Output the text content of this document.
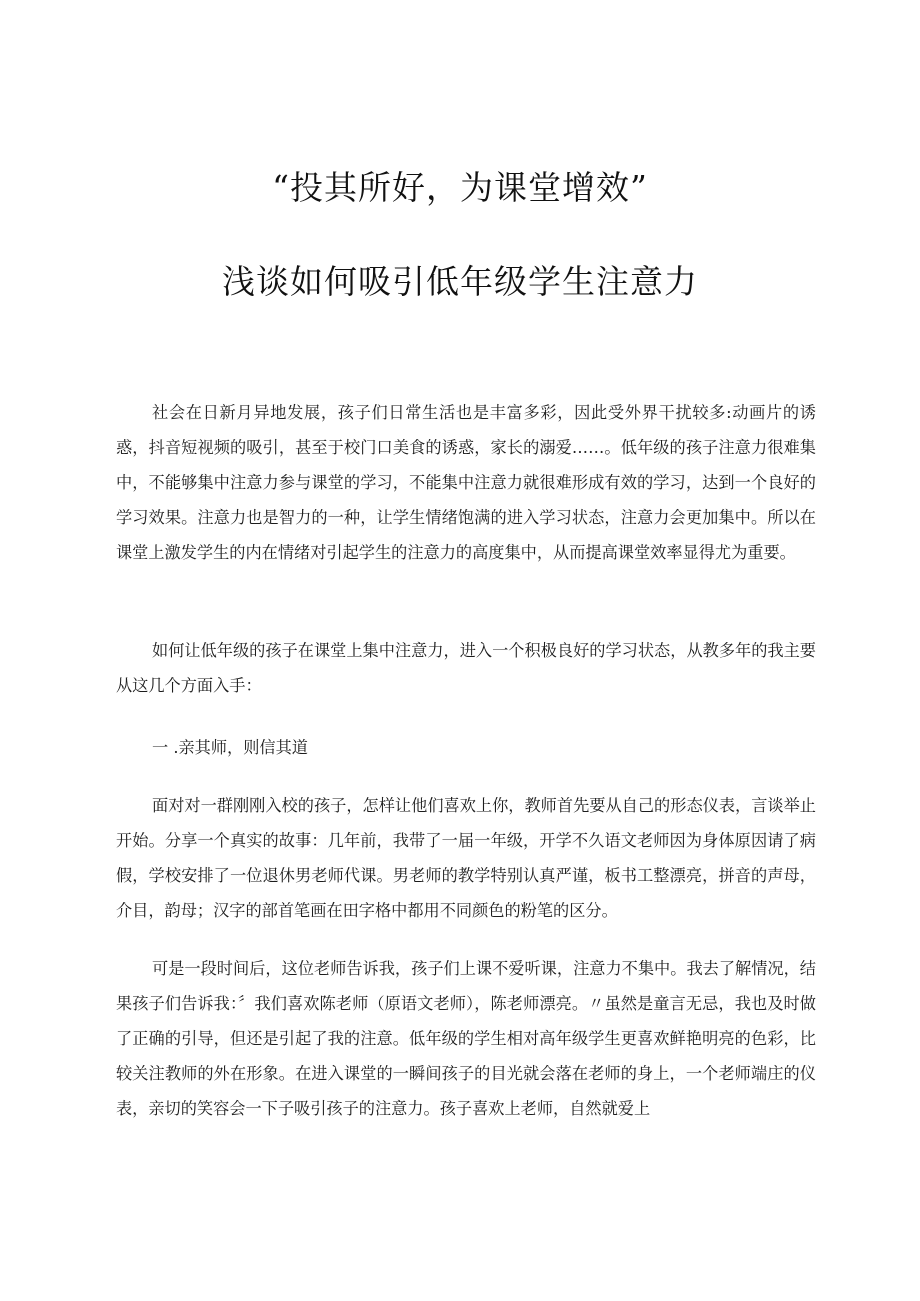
“投其所好，为课堂增效”
浅谈如何吸引低年级学生注意力

社会在日新月异地发展，孩子们日常生活也是丰富多彩，因此受外界干扰较多:动画片的诱惑，抖音短视频的吸引，甚至于校门口美食的诱惑，家长的溺爱……。低年级的孩子注意力很难集中，不能够集中注意力参与课堂的学习，不能集中注意力就很难形成有效的学习，达到一个良好的学习效果。注意力也是智力的一种，让学生情绪饱满的进入学习状态，注意力会更加集中。所以在课堂上激发学生的内在情绪对引起学生的注意力的高度集中，从而提高课堂效率显得尤为重要。

如何让低年级的孩子在课堂上集中注意力，进入一个积极良好的学习状态，从教多年的我主要从这几个方面入手：

一 .亲其师，则信其道

面对对一群刚刚入校的孩子，怎样让他们喜欢上你，教师首先要从自己的形态仪表，言谈举止开始。分享一个真实的故事：几年前，我带了一届一年级，开学不久语文老师因为身体原因请了病假，学校安排了一位退休男老师代课。男老师的教学特别认真严谨，板书工整漂亮，拼音的声母，介目，韵母；汉字的部首笔画在田字格中都用不同颜色的粉笔的区分。

可是一段时间后，这位老师告诉我，孩子们上课不爱听课，注意力不集中。我去了解情况，结果孩子们告诉我：〞我们喜欢陈老师（原语文老师），陈老师漂亮。〃虽然是童言无忌，我也及时做了正确的引导，但还是引起了我的注意。低年级的学生相对高年级学生更喜欢鲜艳明亮的色彩，比较关注教师的外在形象。在进入课堂的一瞬间孩子的目光就会落在老师的身上，一个老师端庄的仪表，亲切的笑容会一下子吸引孩子的注意力。孩子喜欢上老师，自然就爱上
